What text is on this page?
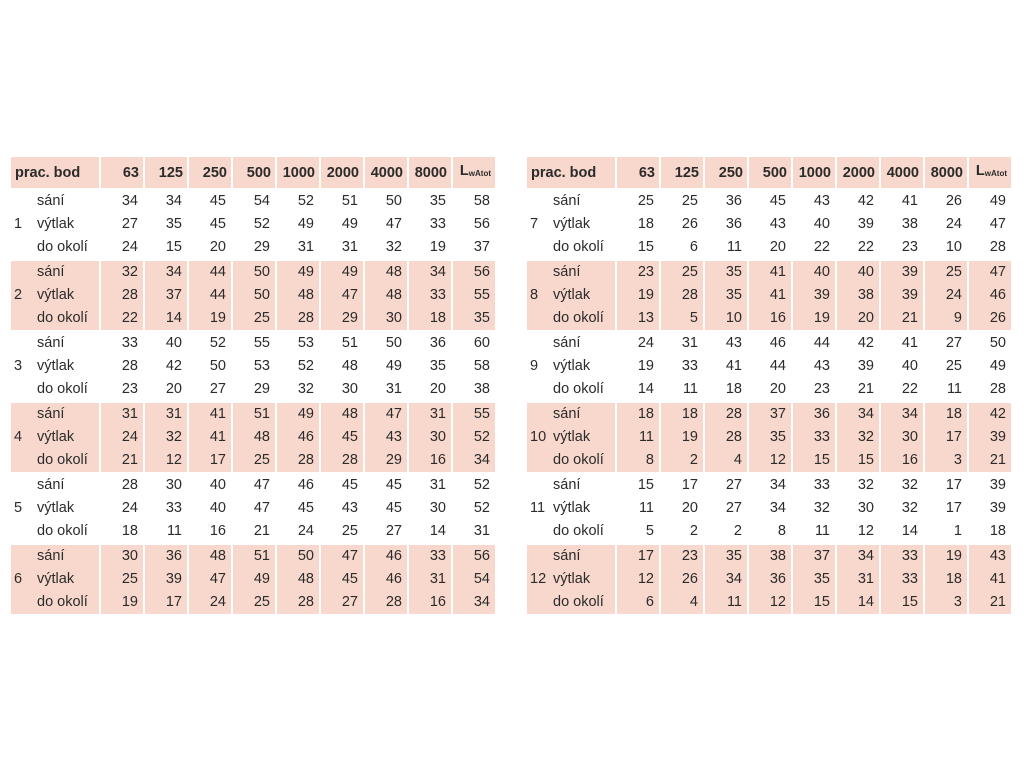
prac. bod		63	125	250	500	1000	2000	4000	8000	LwAtot
	sání	34	34	45	54	52	51	50	35	58
1	výtlak	27	35	45	52	49	49	47	33	56
	do okolí	24	15	20	29	31	31	32	19	37
	sání	32	34	44	50	49	49	48	34	56
2	výtlak	28	37	44	50	48	47	48	33	55
	do okolí	22	14	19	25	28	29	30	18	35
	sání	33	40	52	55	53	51	50	36	60
3	výtlak	28	42	50	53	52	48	49	35	58
	do okolí	23	20	27	29	32	30	31	20	38
	sání	31	31	41	51	49	48	47	31	55
4	výtlak	24	32	41	48	46	45	43	30	52
	do okolí	21	12	17	25	28	28	29	16	34
	sání	28	30	40	47	46	45	45	31	52
5	výtlak	24	33	40	47	45	43	45	30	52
	do okolí	18	11	16	21	24	25	27	14	31
	sání	30	36	48	51	50	47	46	33	56
6	výtlak	25	39	47	49	48	45	46	31	54
	do okolí	19	17	24	25	28	27	28	16	34
prac. bod		63	125	250	500	1000	2000	4000	8000	LwAtot
	sání	25	25	36	45	43	42	41	26	49
7	výtlak	18	26	36	43	40	39	38	24	47
	do okolí	15	6	11	20	22	22	23	10	28
	sání	23	25	35	41	40	40	39	25	47
8	výtlak	19	28	35	41	39	38	39	24	46
	do okolí	13	5	10	16	19	20	21	9	26
	sání	24	31	43	46	44	42	41	27	50
9	výtlak	19	33	41	44	43	39	40	25	49
	do okolí	14	11	18	20	23	21	22	11	28
	sání	18	18	28	37	36	34	34	18	42
10	výtlak	11	19	28	35	33	32	30	17	39
	do okolí	8	2	4	12	15	15	16	3	21
	sání	15	17	27	34	33	32	32	17	39
11	výtlak	11	20	27	34	32	30	32	17	39
	do okolí	5	2	2	8	11	12	14	1	18
	sání	17	23	35	38	37	34	33	19	43
12	výtlak	12	26	34	36	35	31	33	18	41
	do okolí	6	4	11	12	15	14	15	3	21
